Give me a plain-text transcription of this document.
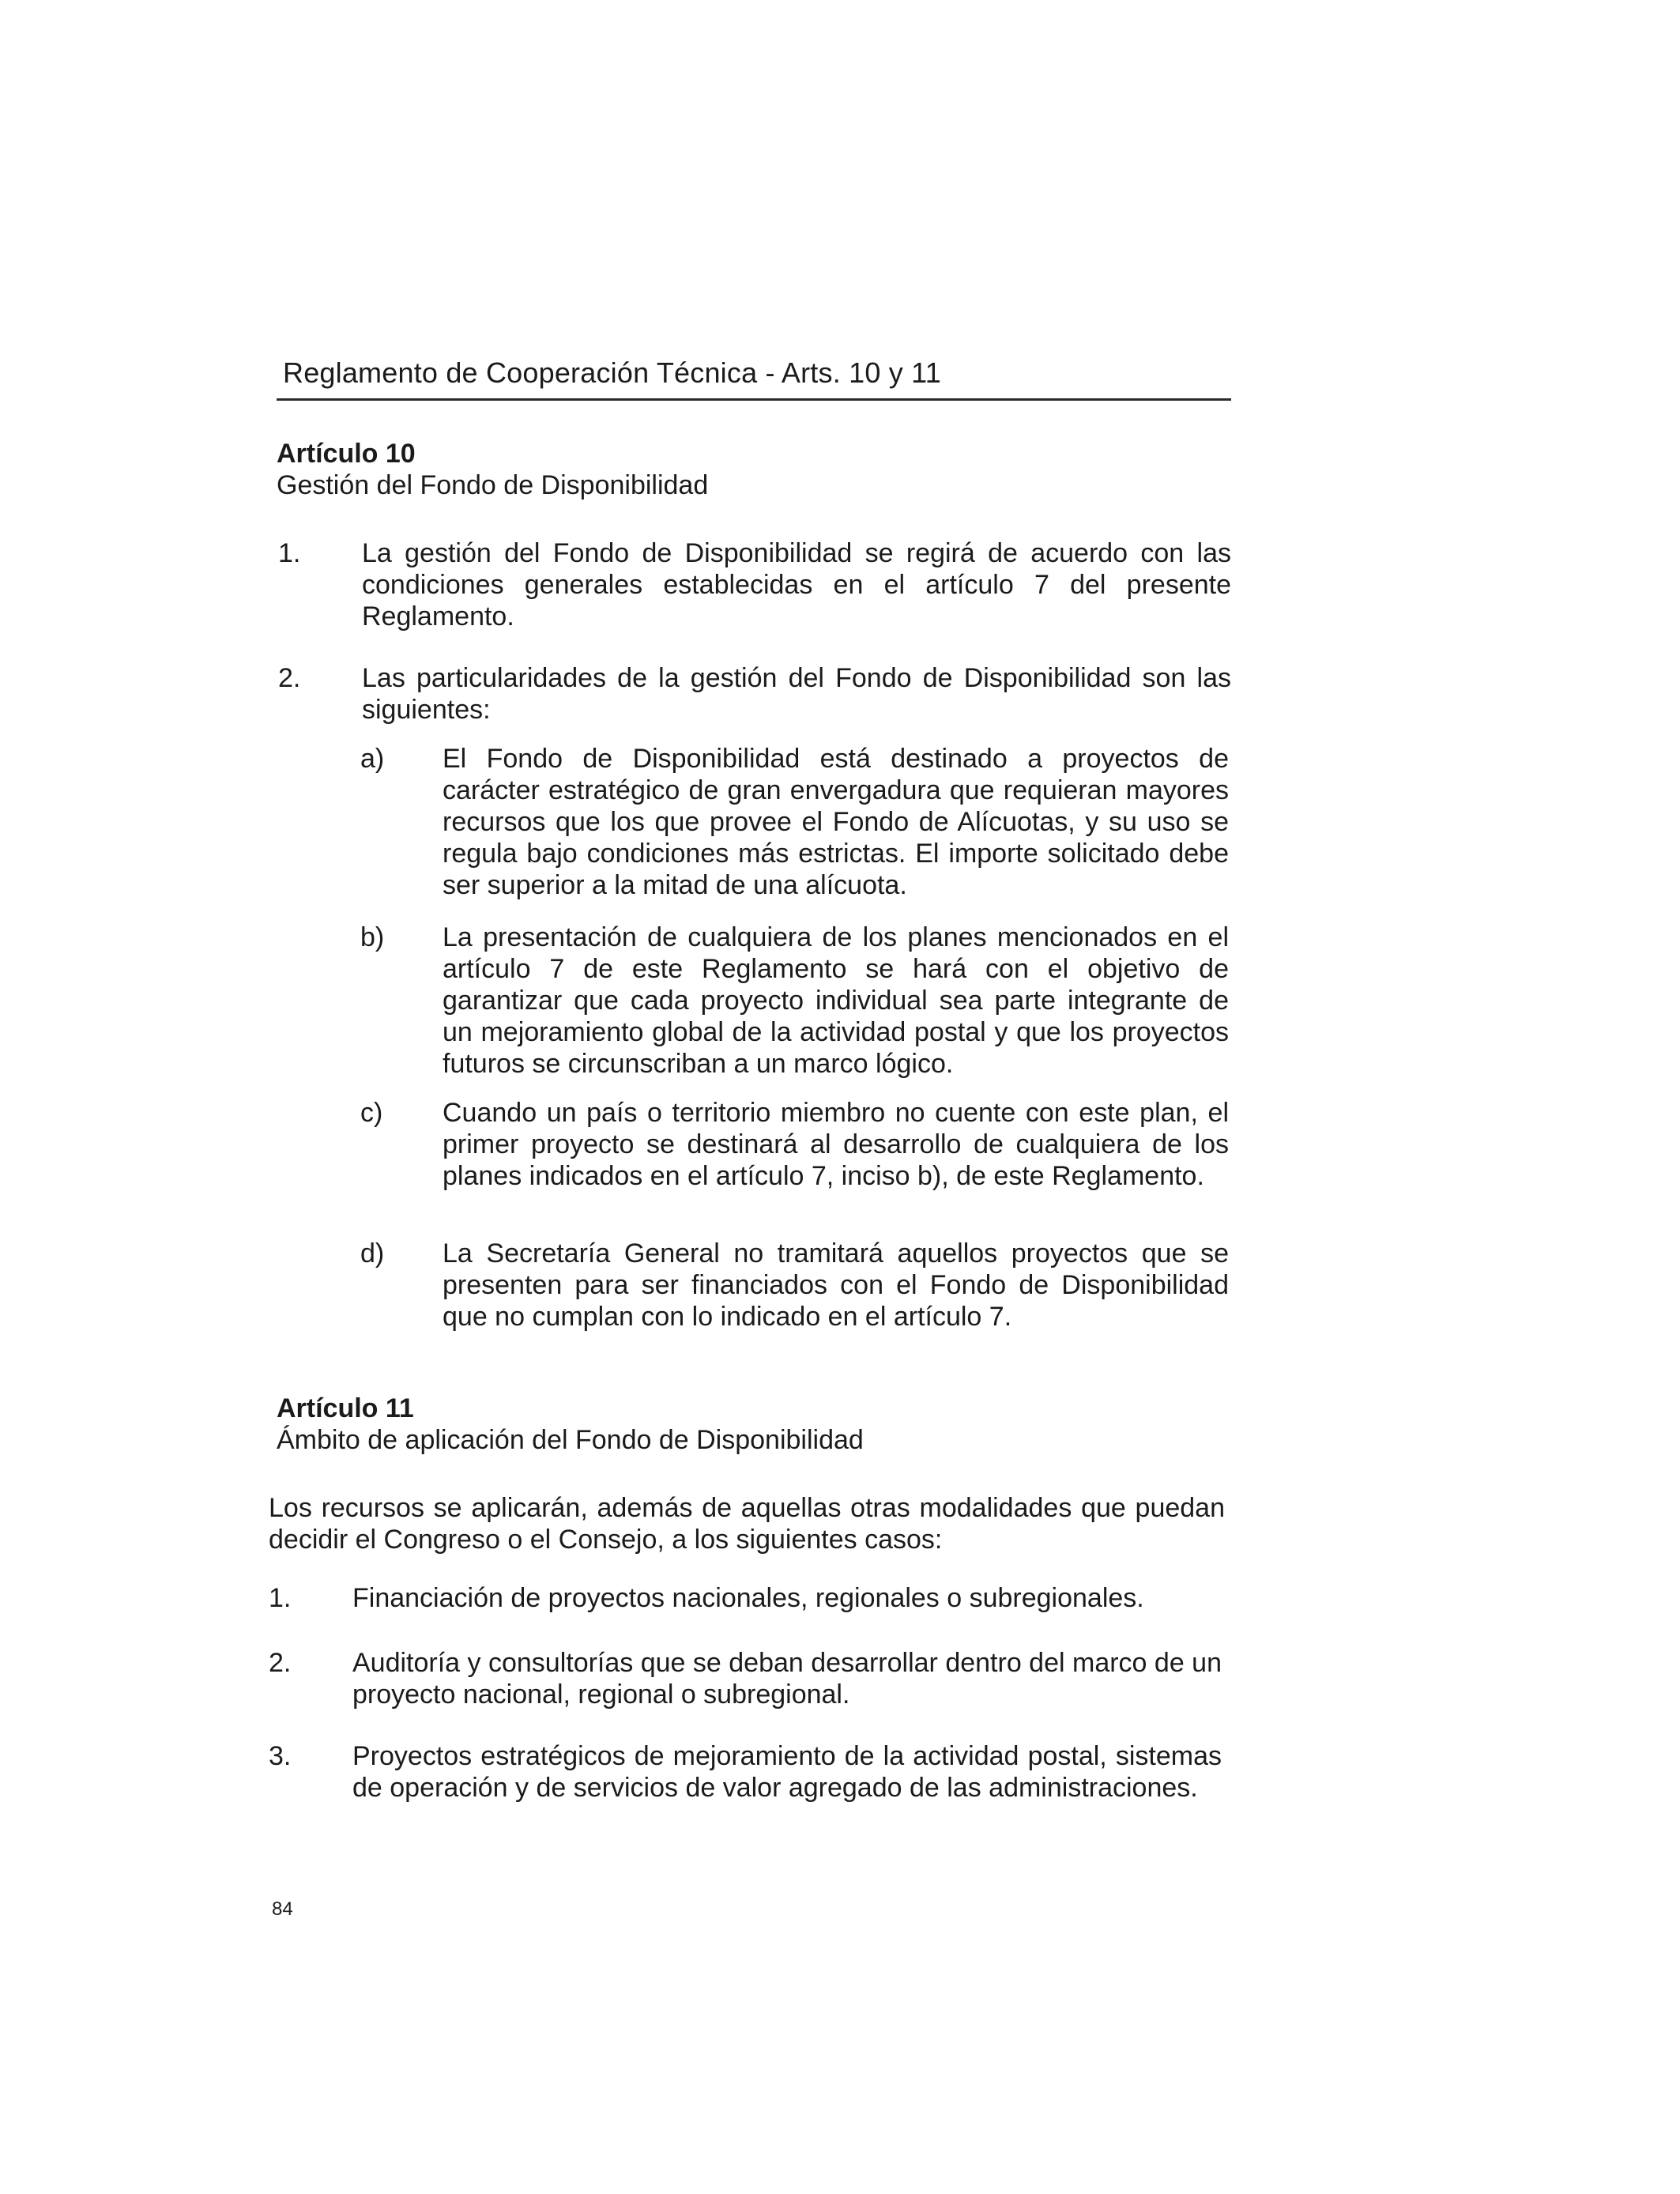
Reglamento de Cooperación Técnica - Arts. 10 y 11
Artículo 10
Gestión del Fondo de Disponibilidad
1. La gestión del Fondo de Disponibilidad se regirá de acuerdo con las condiciones generales establecidas en el artículo 7 del presente Reglamento.
2. Las particularidades de la gestión del Fondo de Disponibilidad son las siguientes:
a) El Fondo de Disponibilidad está destinado a proyectos de carácter estratégico de gran envergadura que requieran mayores recursos que los que provee el Fondo de Alícuotas, y su uso se regula bajo condiciones más estrictas. El importe solicitado debe ser superior a la mitad de una alícuota.
b) La presentación de cualquiera de los planes mencionados en el artículo 7 de este Reglamento se hará con el objetivo de garantizar que cada proyecto individual sea parte integrante de un mejoramiento global de la actividad postal y que los proyectos futuros se circunscriban a un marco lógico.
c) Cuando un país o territorio miembro no cuente con este plan, el primer proyecto se destinará al desarrollo de cualquiera de los planes indicados en el artículo 7, inciso b), de este Reglamento.
d) La Secretaría General no tramitará aquellos proyectos que se presenten para ser financiados con el Fondo de Disponibilidad que no cumplan con lo indicado en el artículo 7.
Artículo 11
Ámbito de aplicación del Fondo de Disponibilidad
Los recursos se aplicarán, además de aquellas otras modalidades que puedan decidir el Congreso o el Consejo, a los siguientes casos:
1. Financiación de proyectos nacionales, regionales o subregionales.
2. Auditoría y consultorías que se deban desarrollar dentro del marco de un proyecto nacional, regional o subregional.
3. Proyectos estratégicos de mejoramiento de la actividad postal, sistemas de operación y de servicios de valor agregado de las administraciones.
84
